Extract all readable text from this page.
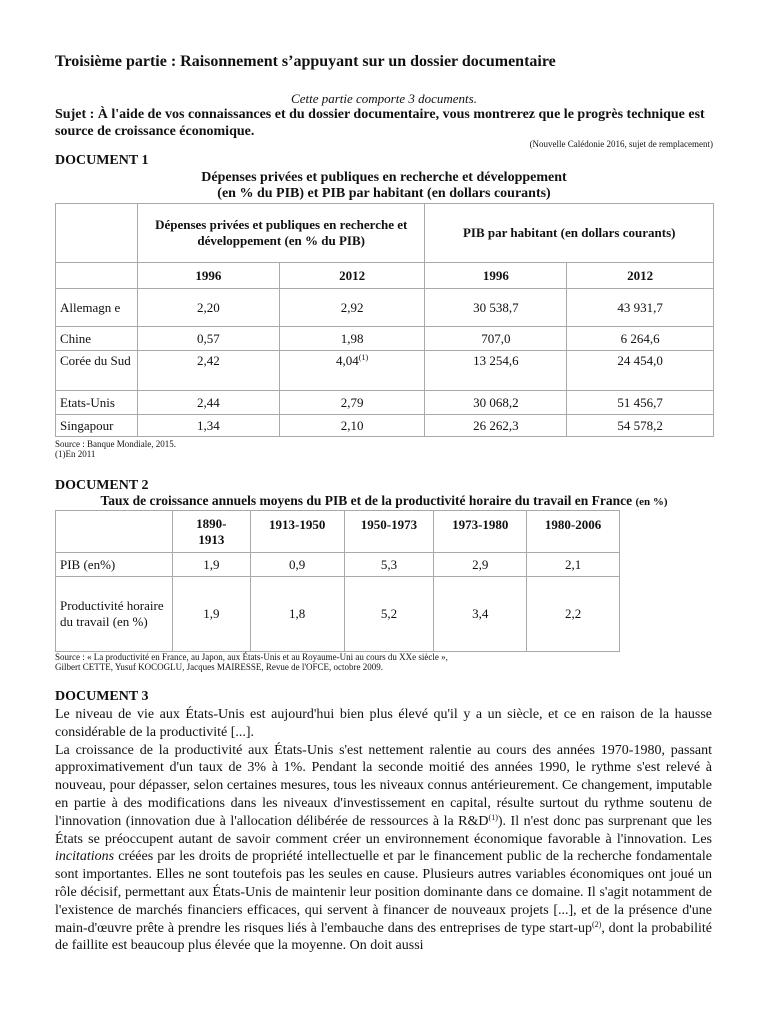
Troisième partie : Raisonnement s’appuyant sur un dossier documentaire
Cette partie comporte 3 documents.
Sujet : À l'aide de vos connaissances et du dossier documentaire, vous montrerez que le progrès technique est source de croissance économique.
(Nouvelle Calédonie 2016, sujet de remplacement)
DOCUMENT 1
Dépenses privées et publiques en recherche et développement
(en % du PIB) et PIB par habitant (en dollars courants)
	Dépenses privées et publiques en recherche et développement (en % du PIB)		PIB par habitant (en dollars courants)	
	1996	2012	1996	2012
Allemagn e	2,20	2,92	30 538,7	43 931,7
Chine	0,57	1,98	707,0	6 264,6
Corée du Sud	2,42	4,04$^{(1)}$	13 254,6	24 454,0
Etats-Unis	2,44	2,79	30 068,2	51 456,7
Singapour	1,34	2,10	26 262,3	54 578,2
Source : Banque Mondiale, 2015.
(1)En 2011
DOCUMENT 2
Taux de croissance annuels moyens du PIB et de la productivité horaire du travail en France (en %)
	1890-1913	1913-1950	1950-1973	1973-1980	1980-2006
PIB (en%)	1,9	0,9	5,3	2,9	2,1
Productivité horaire du travail (en %)	1,9	1,8	5,2	3,4	2,2
Source : « La productivité en France, au Japon, aux États-Unis et au Royaume-Uni au cours du XXe siècle »,
Gilbert CETTE, Yusuf KOCOGLU, Jacques MAIRESSE, Revue de l'OFCE, octobre 2009.
DOCUMENT 3

Le niveau de vie aux États-Unis est aujourd'hui bien plus élevé qu'il y a un siècle, et ce en raison de la hausse considérable de la productivité [...].

La croissance de la productivité aux États-Unis s'est nettement ralentie au cours des années 1970-1980, passant approximativement d'un taux de 3% à 1%. Pendant la seconde moitié des années 1990, le rythme s'est relevé à nouveau, pour dépasser, selon certaines mesures, tous les niveaux connus antérieurement. Ce changement, imputable en partie à des modifications dans les niveaux d'investissement en capital, résulte surtout du rythme soutenu de l'innovation (innovation due à l'allocation délibérée de ressources à la $R\&D^{(1)}$). Il n'est donc pas surprenant que les États se préoccupent autant de savoir comment créer un environnement économique favorable à l'innovation. Les incitations créées par les droits de propriété intellectuelle et par le financement public de la recherche fondamentale sont importantes. Elles ne sont toutefois pas les seules en cause. Plusieurs autres variables économiques ont joué un rôle décisif, permettant aux États-Unis de maintenir leur position dominante dans ce domaine. Il s'agit notamment de l'existence de marchés financiers efficaces, qui servent à financer de nouveaux projets [...], et de la présence d'une main-d'œuvre prête à prendre les risques liés à l'embauche dans des entreprises de type start-$up^{(2)}$, dont la probabilité de faillite est beaucoup plus élevée que la moyenne. On doit aussi
